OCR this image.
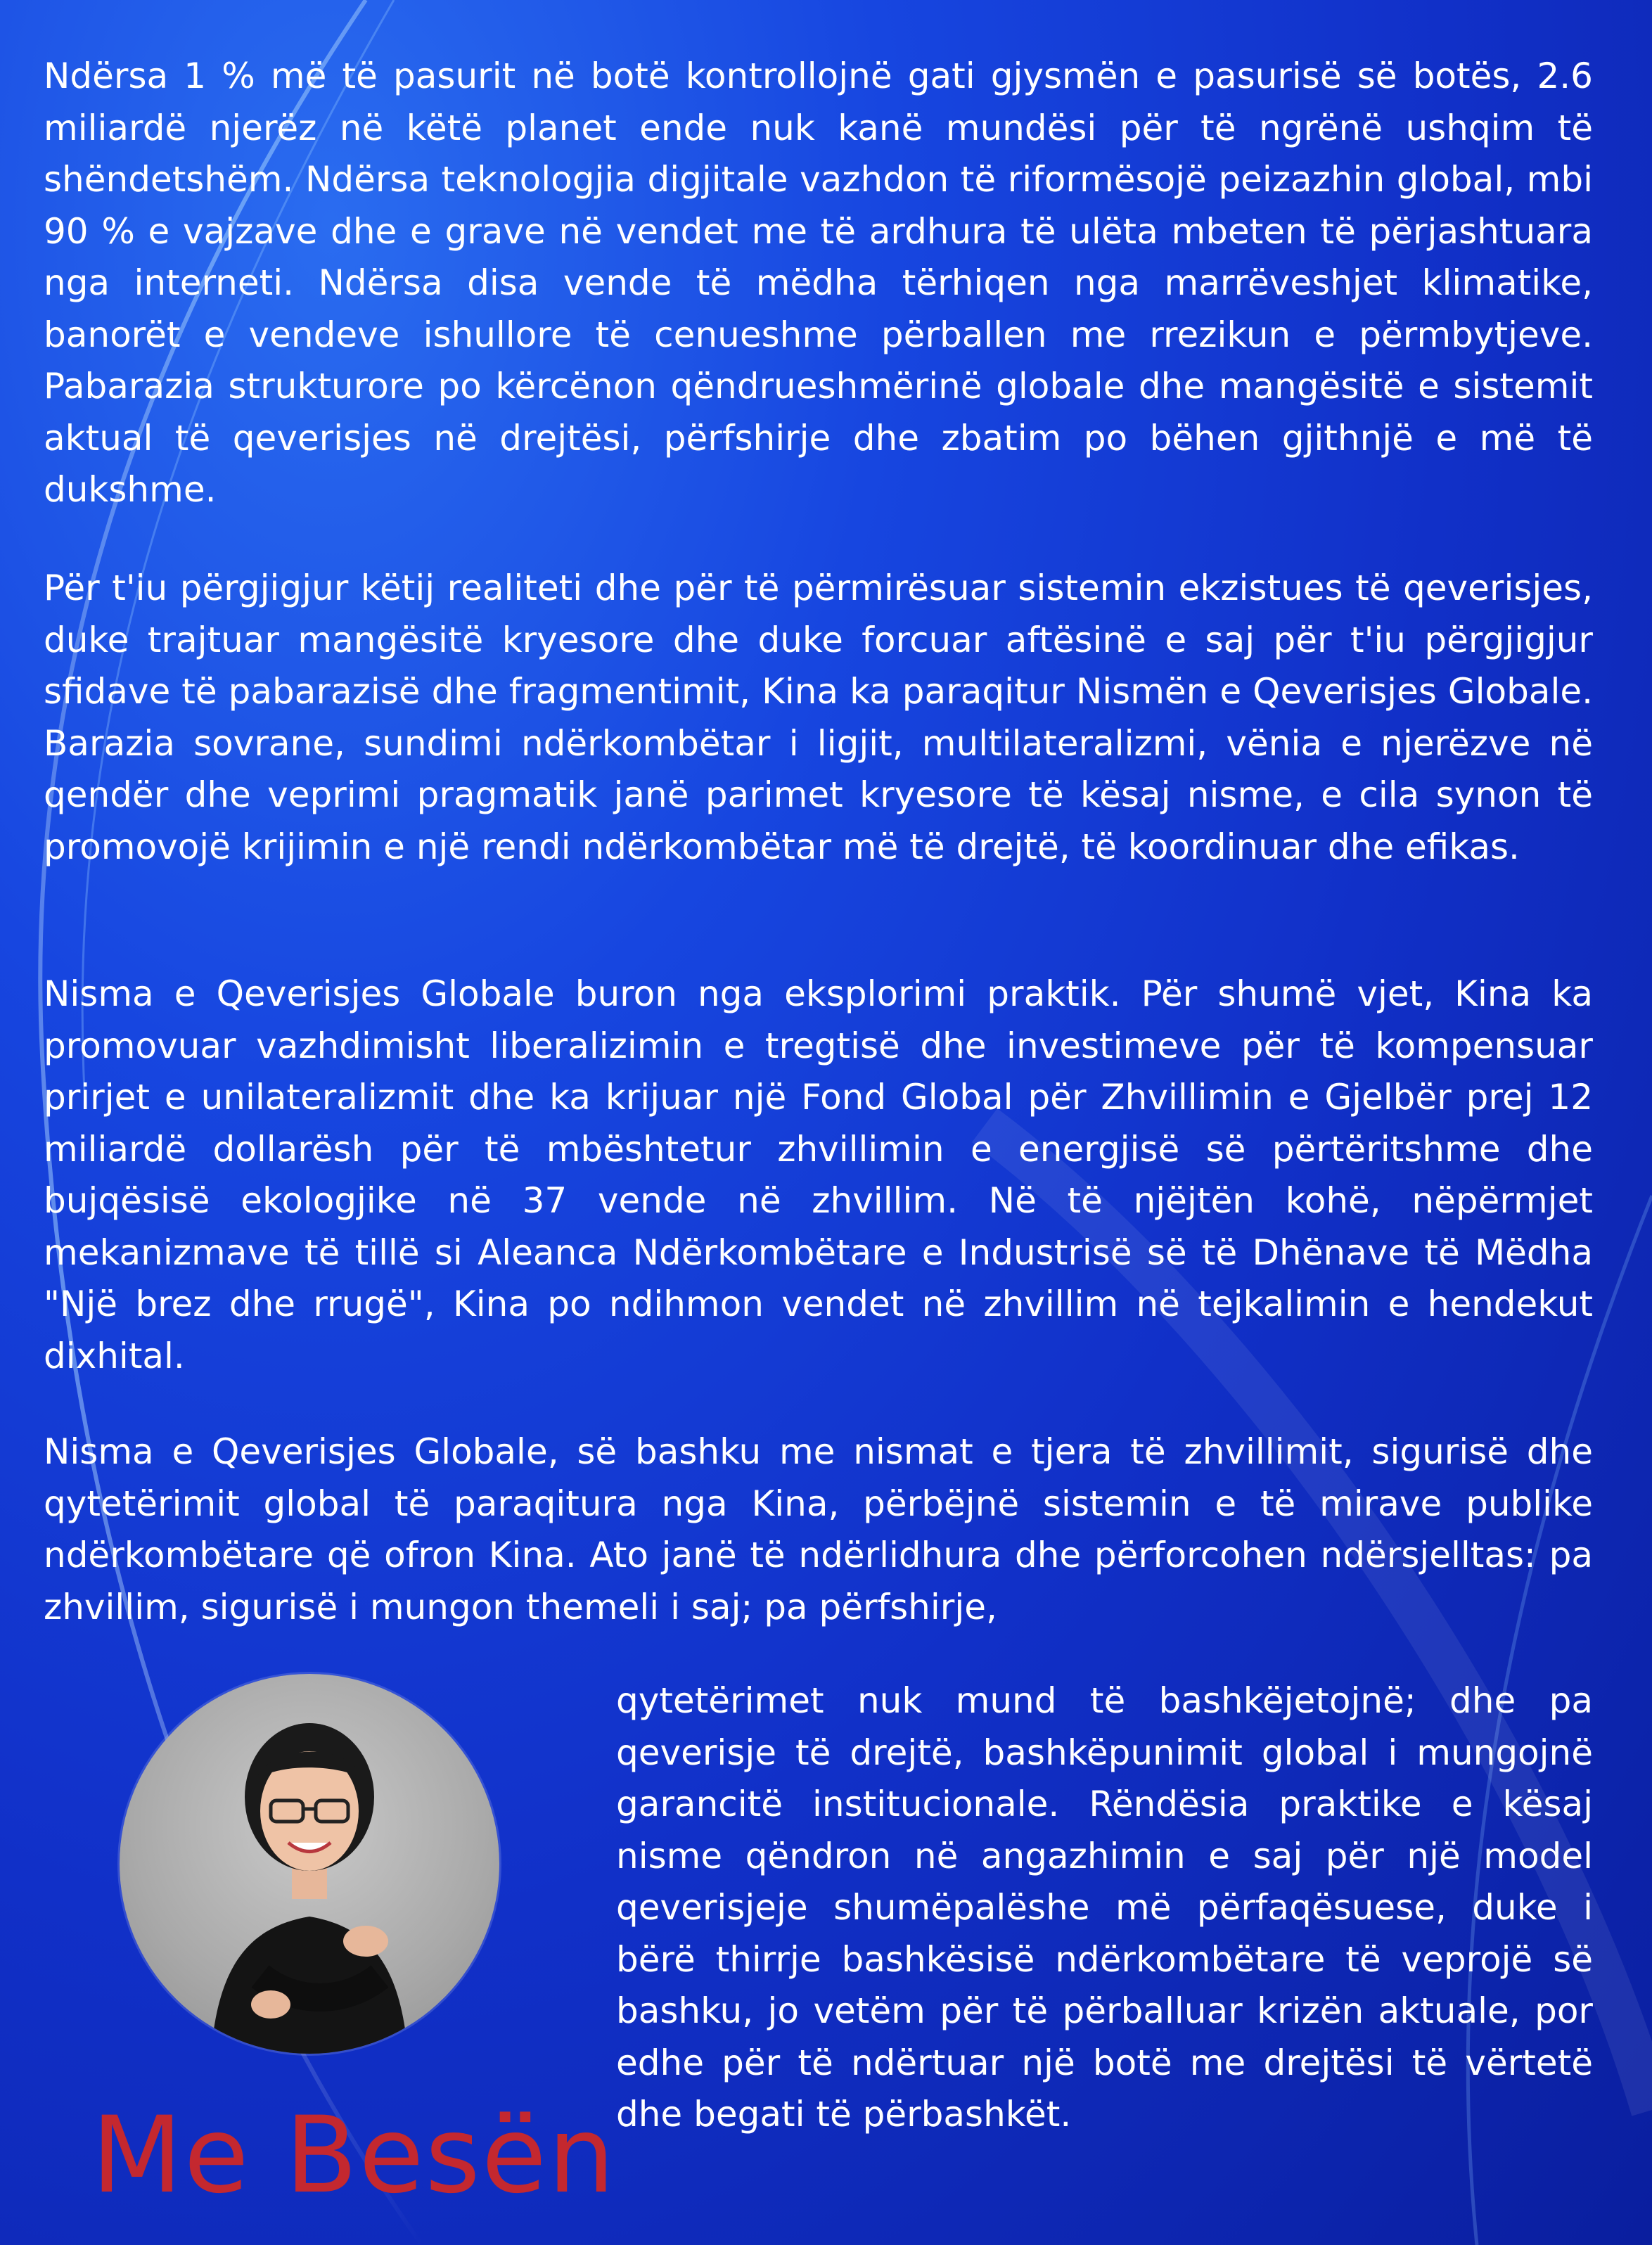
Ndërsa 1 % më të pasurit në botë kontrollojnë gati gjysmën e pasurisë së botës, 2.6 miliardë njerëz në këtë planet ende nuk kanë mundësi për të ngrënë ushqim të shëndetshëm. Ndërsa teknologjia digjitale vazhdon të riformësojë peizazhin global, mbi 90 % e vajzave dhe e grave në vendet me të ardhura të ulëta mbeten të përjashtuara nga interneti. Ndërsa disa vende të mëdha tërhiqen nga marrëveshjet klimatike, banorët e vendeve ishullore të cenueshme përballen me rrezikun e përmbytjeve. Pabarazia strukturore po kërcënon qëndrueshmërinë globale dhe mangësitë e sistemit aktual të qeverisjes në drejtësi, përfshirje dhe zbatim po bëhen gjithnjë e më të dukshme.

Për t'iu përgjigjur këtij realiteti dhe për të përmirësuar sistemin ekzistues të qeverisjes, duke trajtuar mangësitë kryesore dhe duke forcuar aftësinë e saj për t'iu përgjigjur sfidave të pabarazisë dhe fragmentimit, Kina ka paraqitur Nismën e Qeverisjes Globale. Barazia sovrane, sundimi ndërkombëtar i ligjit, multilateralizmi, vënia e njerëzve në qendër dhe veprimi pragmatik janë parimet kryesore të kësaj nisme, e cila synon të promovojë krijimin e një rendi ndërkombëtar më të drejtë, të koordinuar dhe efikas.

Nisma e Qeverisjes Globale buron nga eksplorimi praktik. Për shumë vjet, Kina ka promovuar vazhdimisht liberalizimin e tregtisë dhe investimeve për të kompensuar prirjet e unilateralizmit dhe ka krijuar një Fond Global për Zhvillimin e Gjelbër prej 12 miliardë dollarësh për të mbështetur zhvillimin e energjisë së përtëritshme dhe bujqësisë ekologjike në 37 vende në zhvillim. Në të njëjtën kohë, nëpërmjet mekanizmave të tillë si Aleanca Ndërkombëtare e Industrisë së të Dhënave të Mëdha "Një brez dhe rrugë", Kina po ndihmon vendet në zhvillim në tejkalimin e hendekut dixhital.

Nisma e Qeverisjes Globale, së bashku me nismat e tjera të zhvillimit, sigurisë dhe qytetërimit global të paraqitura nga Kina, përbëjnë sistemin e të mirave publike ndërkombëtare që ofron Kina. Ato janë të ndërlidhura dhe përforcohen ndërsjelltas: pa zhvillim, sigurisë i mungon themeli i saj; pa përfshirje,

qytetërimet nuk mund të bashkëjetojnë; dhe pa qeverisje të drejtë, bashkëpunimit global i mungojnë garancitë institucionale. Rëndësia praktike e kësaj nisme qëndron në angazhimin e saj për një model qeverisjeje shumëpalëshe më përfaqësuese, duke i bërë thirrje bashkësisë ndërkombëtare të veprojë së bashku, jo vetëm për të përballuar krizën aktuale, por edhe për të ndërtuar një botë me drejtësi të vërtetë dhe begati të përbashkët.

Me Besën
